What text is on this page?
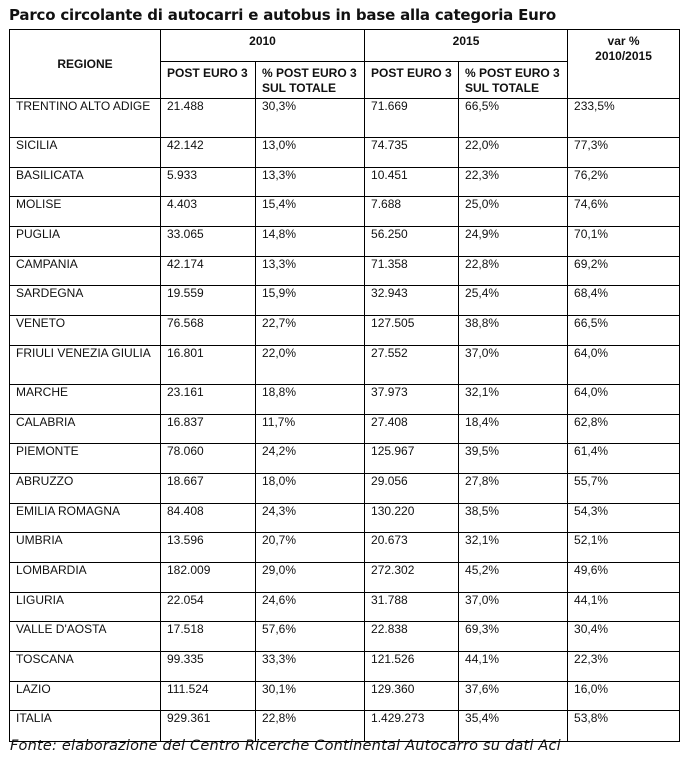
Parco circolante di autocarri e autobus in base alla categoria Euro
REGIONE	2010		2015		var %
2010/2015

	POST EURO 3	% POST EURO 3 SUL TOTALE	POST EURO 3	% POST EURO 3 SUL TOTALE	
TRENTINO ALTO ADIGE	21.488	30,3%	71.669	66,5%	233,5%
SICILIA	42.142	13,0%	74.735	22,0%	77,3%
BASILICATA	5.933	13,3%	10.451	22,3%	76,2%
MOLISE	4.403	15,4%	7.688	25,0%	74,6%
PUGLIA	33.065	14,8%	56.250	24,9%	70,1%
CAMPANIA	42.174	13,3%	71.358	22,8%	69,2%
SARDEGNA	19.559	15,9%	32.943	25,4%	68,4%
VENETO	76.568	22,7%	127.505	38,8%	66,5%
FRIULI VENEZIA GIULIA	16.801	22,0%	27.552	37,0%	64,0%
MARCHE	23.161	18,8%	37.973	32,1%	64,0%
CALABRIA	16.837	11,7%	27.408	18,4%	62,8%
PIEMONTE	78.060	24,2%	125.967	39,5%	61,4%
ABRUZZO	18.667	18,0%	29.056	27,8%	55,7%
EMILIA ROMAGNA	84.408	24,3%	130.220	38,5%	54,3%
UMBRIA	13.596	20,7%	20.673	32,1%	52,1%
LOMBARDIA	182.009	29,0%	272.302	45,2%	49,6%
LIGURIA	22.054	24,6%	31.788	37,0%	44,1%
VALLE D'AOSTA	17.518	57,6%	22.838	69,3%	30,4%
TOSCANA	99.335	33,3%	121.526	44,1%	22,3%
LAZIO	111.524	30,1%	129.360	37,6%	16,0%
ITALIA	929.361	22,8%	1.429.273	35,4%	53,8%
Fonte: elaborazione del Centro Ricerche Continental Autocarro su dati Aci
